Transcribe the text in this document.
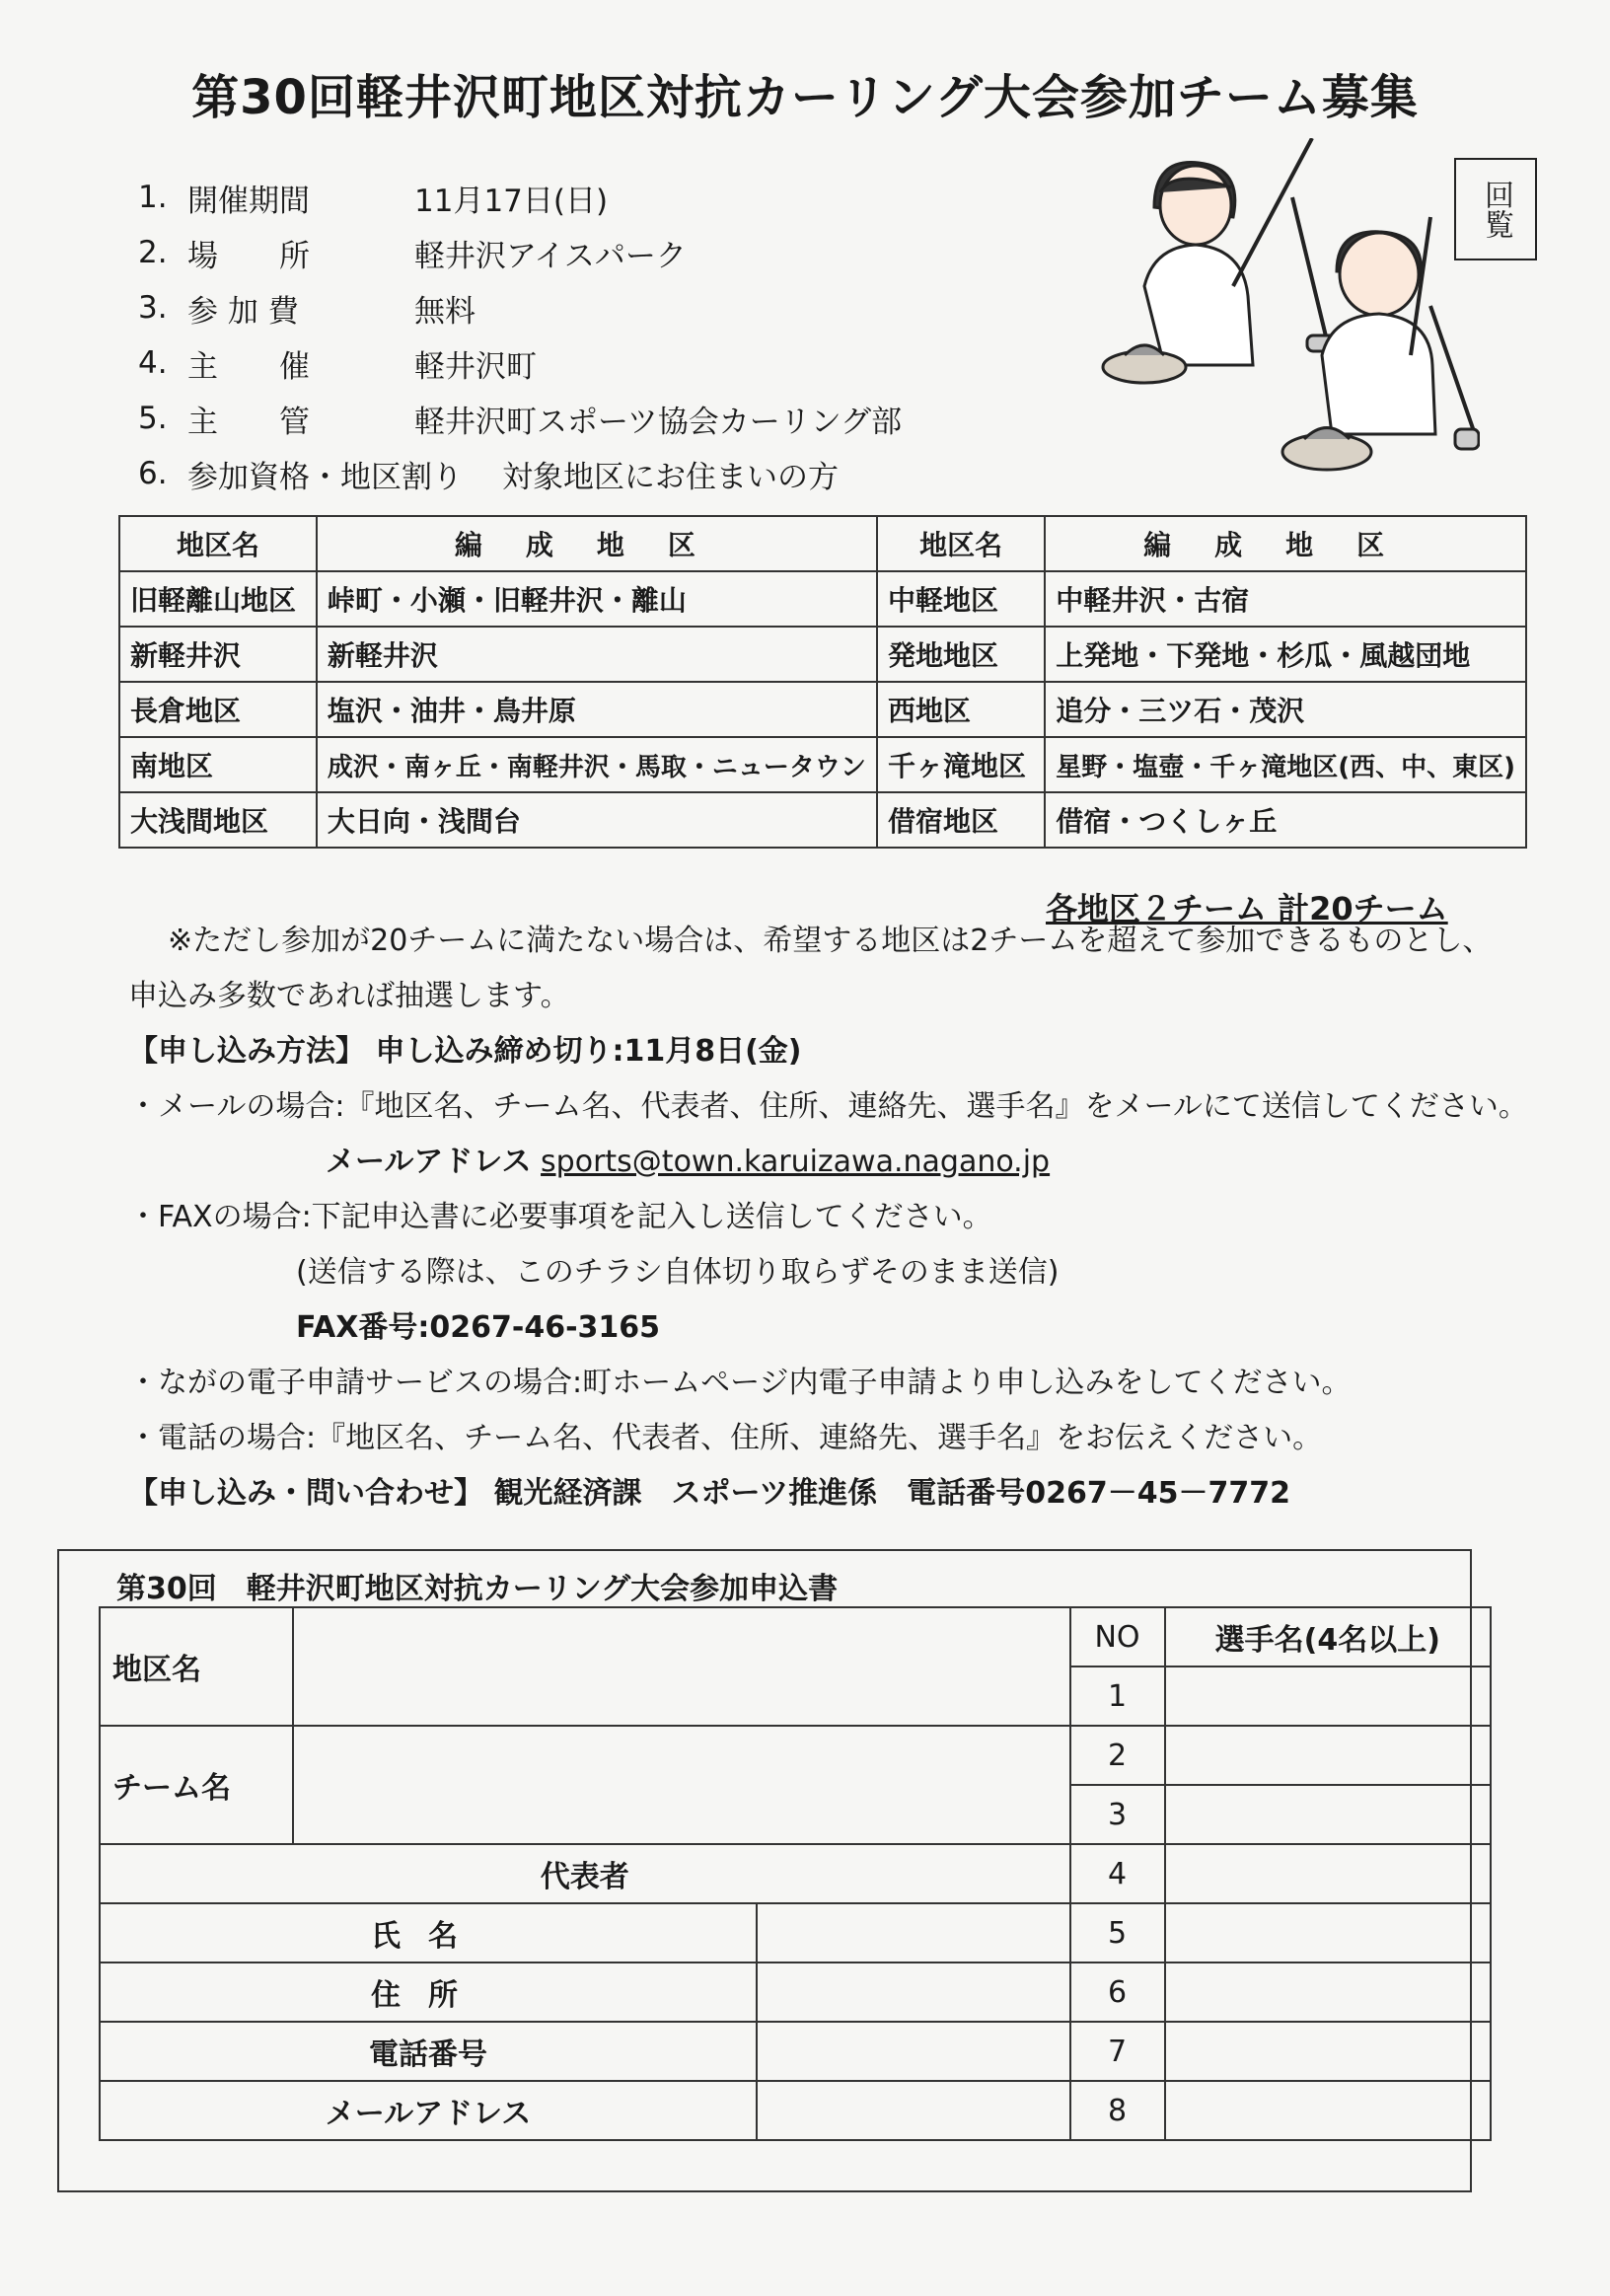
第30回軽井沢町地区対抗カーリング大会参加チーム募集
回覧
1. 開催期間	11月17日(日)
2. 場　　所	軽井沢アイスパーク
3. 参 加 費	無料
4. 主　　催	軽井沢町
5. 主　　管	軽井沢町スポーツ協会カーリング部
6. 参加資格・地区割り 対象地区にお住まいの方
地区名	編成地区	地区名	編成地区
旧軽離山地区	峠町・小瀬・旧軽井沢・離山	中軽地区	中軽井沢・古宿
新軽井沢	新軽井沢	発地地区	上発地・下発地・杉瓜・風越団地
長倉地区	塩沢・油井・鳥井原	西地区	追分・三ツ石・茂沢
南地区	成沢・南ヶ丘・南軽井沢・馬取・ニュータウン	千ヶ滝地区	星野・塩壺・千ヶ滝地区(西、中、東区)
大浅間地区	大日向・浅間台	借宿地区	借宿・つくしヶ丘
各地区２チーム 計20チーム

※ただし参加が20チームに満たない場合は、希望する地区は2チームを超えて参加できるものとし、

申込み多数であれば抽選します。

【申し込み方法】 申し込み締め切り:11月8日(金)

・メールの場合:『地区名、チーム名、代表者、住所、連絡先、選手名』をメールにて送信してください。

メールアドレス sports@town.karuizawa.nagano.jp

・FAXの場合:下記申込書に必要事項を記入し送信してください。

(送信する際は、このチラシ自体切り取らずそのまま送信)

FAX番号:0267-46-3165

・ながの電子申請サービスの場合:町ホームページ内電子申請より申し込みをしてください。

・電話の場合:『地区名、チーム名、代表者、住所、連絡先、選手名』をお伝えください。

【申し込み・問い合わせ】 観光経済課　スポーツ推進係　電話番号0267－45－7772

第30回　軽井沢町地区対抗カーリング大会参加申込書
地区名			NO	選手名(4名以上)
			1	
チーム名			2	
			3	
代表者			4	
氏名			5	
住所			6	
電話番号			7	
メールアドレス			8	
